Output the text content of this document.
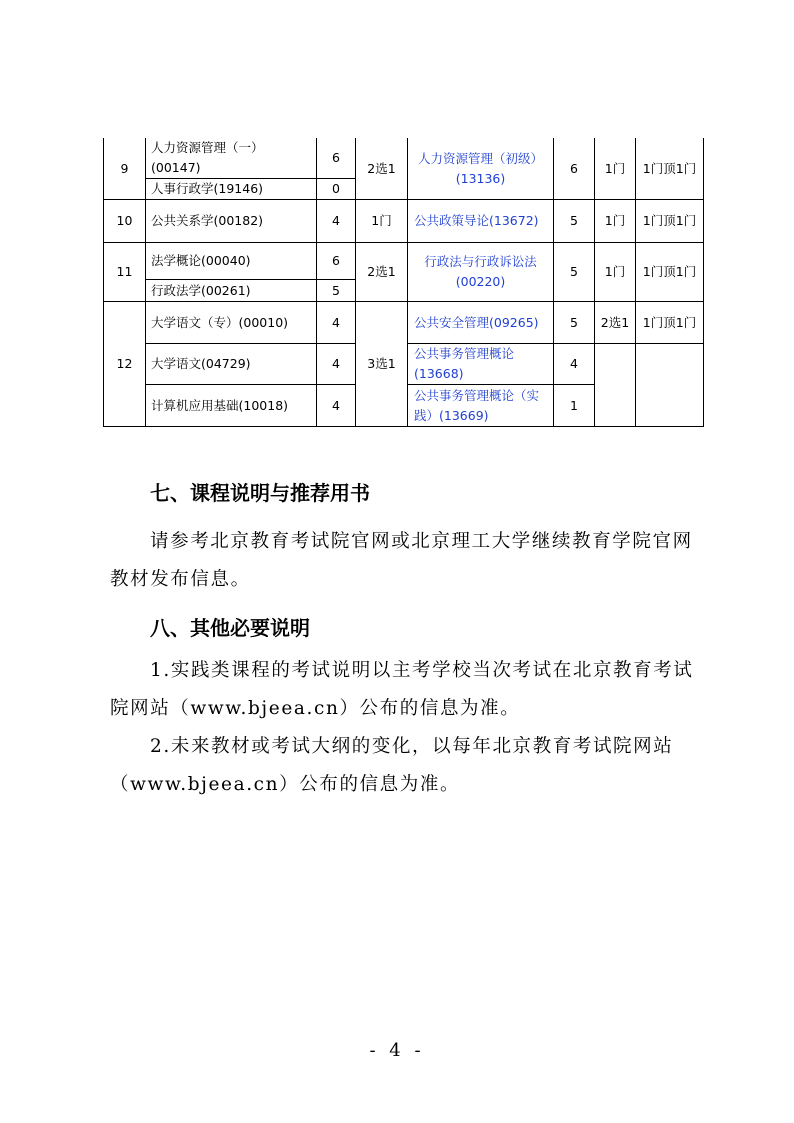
9	人力资源管理（一）(00147)	6	2选1	人力资源管理（初级）(13136)	6	1门	1门顶1门
	人事行政学(19146)	0					
10	公共关系学(00182)	4	1门	公共政策导论(13672)	5	1门	1门顶1门
11	法学概论(00040)	6	2选1	行政法与行政诉讼法(00220)	5	1门	1门顶1门
	行政法学(00261)	5					
12	大学语文（专）(00010)	4	3选1	公共安全管理(09265)	5	2选1	1门顶1门
	大学语文(04729)	4		公共事务管理概论(13668)	4		
	计算机应用基础(10018)	4		公共事务管理概论（实践）(13669)	1		
七、课程说明与推荐用书

请参考北京教育考试院官网或北京理工大学继续教育学院官网教材发布信息。

八、其他必要说明

1.实践类课程的考试说明以主考学校当次考试在北京教育考试院网站（www.bjeea.cn）公布的信息为准。

2.未来教材或考试大纲的变化，以每年北京教育考试院网站（www.bjeea.cn）公布的信息为准。

- 4 -
